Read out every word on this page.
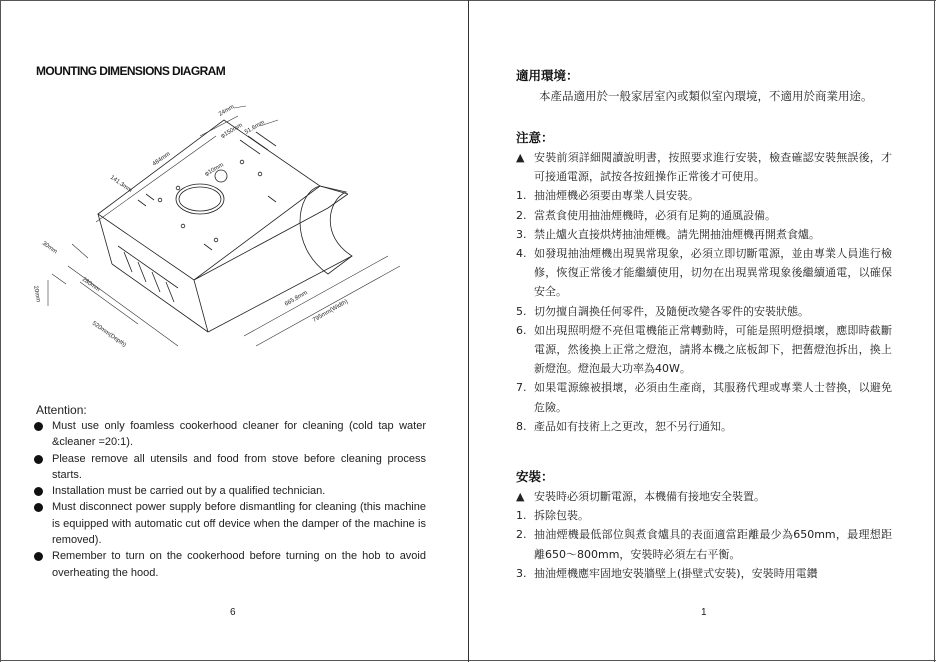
MOUNTING DIMENSIONS DIAGRAM
24mm
φ150mm 51.6mm
484mm
141.3mm
φ10mm
30mm
280mm
20mm	665.8mm 795mm(Width)
520mm(Depth)
Attention:
Must use only foamless cookerhood cleaner for cleaning (cold tap water &cleaner =20:1).
Please remove all utensils and food from stove before cleaning process starts.
Installation must be carried out by a qualified technician.
Must disconnect power supply before dismantling for cleaning (this machine is equipped with automatic cut off device when the damper of the machine is removed).
Remember to turn on the cookerhood before turning on the hob to avoid overheating the hood.
6
適用環境：
本產品適用於一般家居室內或類似室內環境，不適用於商業用途。
注意：
▲ 安裝前須詳細閱讀說明書，按照要求進行安裝，檢查確認安裝無誤後，才可接通電源，試按各按鈕操作正常後才可使用。
1. 抽油煙機必須要由專業人員安裝。
2. 當煮食使用抽油煙機時，必須有足夠的通風設備。
3. 禁止爐火直接烘烤抽油煙機。請先開抽油煙機再開煮食爐。
4. 如發現抽油煙機出現異常現象，必須立即切斷電源，並由專業人員進行檢修，恢復正常後才能繼續使用，切勿在出現異常現象後繼續通電，以確保安全。
5. 切勿擅自調換任何零件，及隨便改變各零件的安裝狀態。
6. 如出現照明燈不亮但電機能正常轉動時，可能是照明燈損壞，應即時截斷電源，然後換上正常之燈泡，請將本機之底板卸下，把舊燈泡拆出，換上新燈泡。燈泡最大功率為40W。
7. 如果電源線被損壞，必須由生產商，其服務代理或專業人士替換，以避免危險。
8. 產品如有技術上之更改，恕不另行通知。
安裝：
▲ 安裝時必須切斷電源，本機備有接地安全裝置。
1. 拆除包裝。
2. 抽油煙機最低部位與煮食爐具的表面適當距離最少為650mm，最理想距離650～800mm，安裝時必須左右平衡。
3. 抽油煙機應牢固地安裝牆壁上(掛壁式安裝)，安裝時用電鑽
1
